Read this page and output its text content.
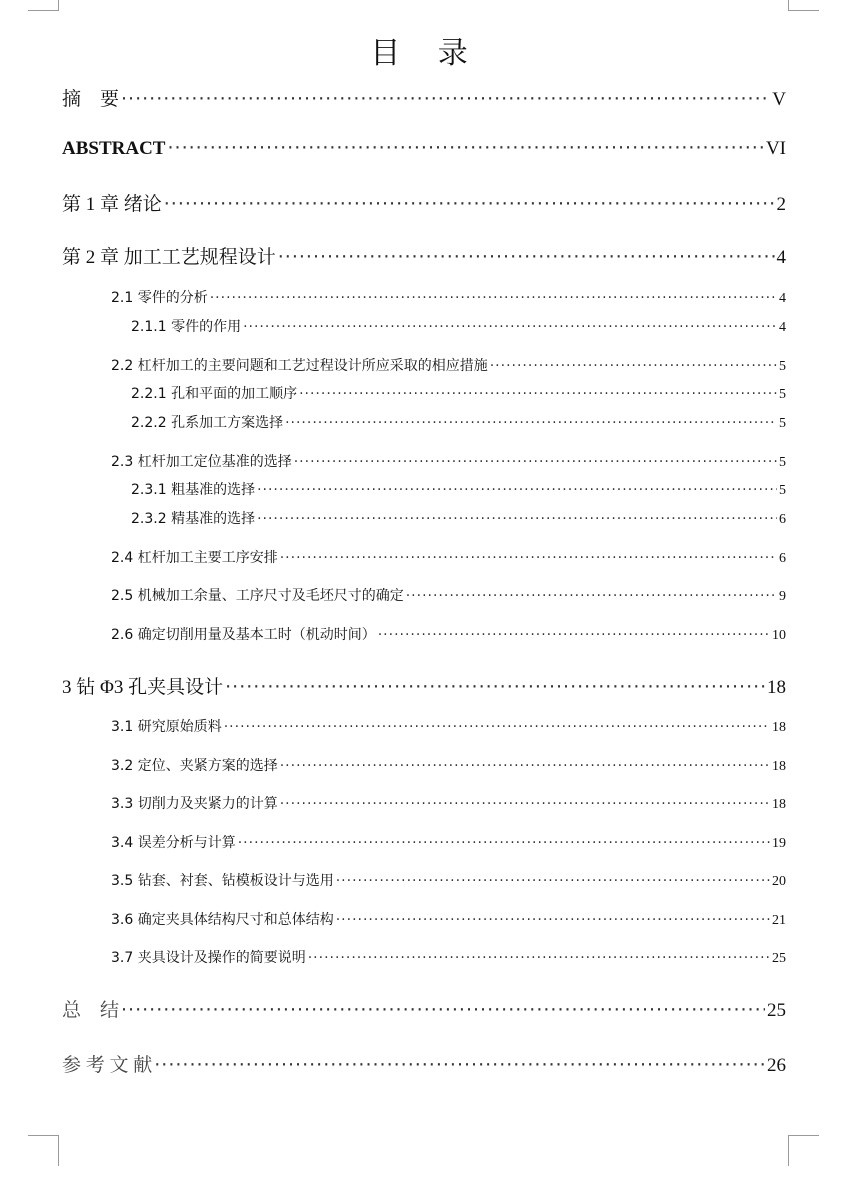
目 录
摘　要 ·····	V
ABSTRACT ·····	VI
第 1 章 绪论 ·····	2
第 2 章 加工工艺规程设计 ·····	4
2.1 零件的分析 ·····	4
2.1.1 零件的作用 ·····	4
2.2 杠杆加工的主要问题和工艺过程设计所应采取的相应措施 ·····	5
2.2.1 孔和平面的加工顺序 ·····	5
2.2.2 孔系加工方案选择 ·····	5
2.3 杠杆加工定位基准的选择 ·····	5
2.3.1 粗基准的选择 ·····	5
2.3.2 精基准的选择 ·····	6
2.4 杠杆加工主要工序安排 ·····	6
2.5 机械加工余量、工序尺寸及毛坯尺寸的确定 ·····	9
2.6 确定切削用量及基本工时（机动时间） ·····	10
3 钻 Φ3 孔夹具设计 ·····	18
3.1 研究原始质料 ·····	18
3.2 定位、夹紧方案的选择 ·····	18
3.3 切削力及夹紧力的计算 ·····	18
3.4 误差分析与计算 ·····	19
3.5 钻套、衬套、钻模板设计与选用 ·····	20
3.6 确定夹具体结构尺寸和总体结构 ·····	21
3.7 夹具设计及操作的简要说明 ·····	25
总　结 ·····	25
参 考 文 献 ·····	26
